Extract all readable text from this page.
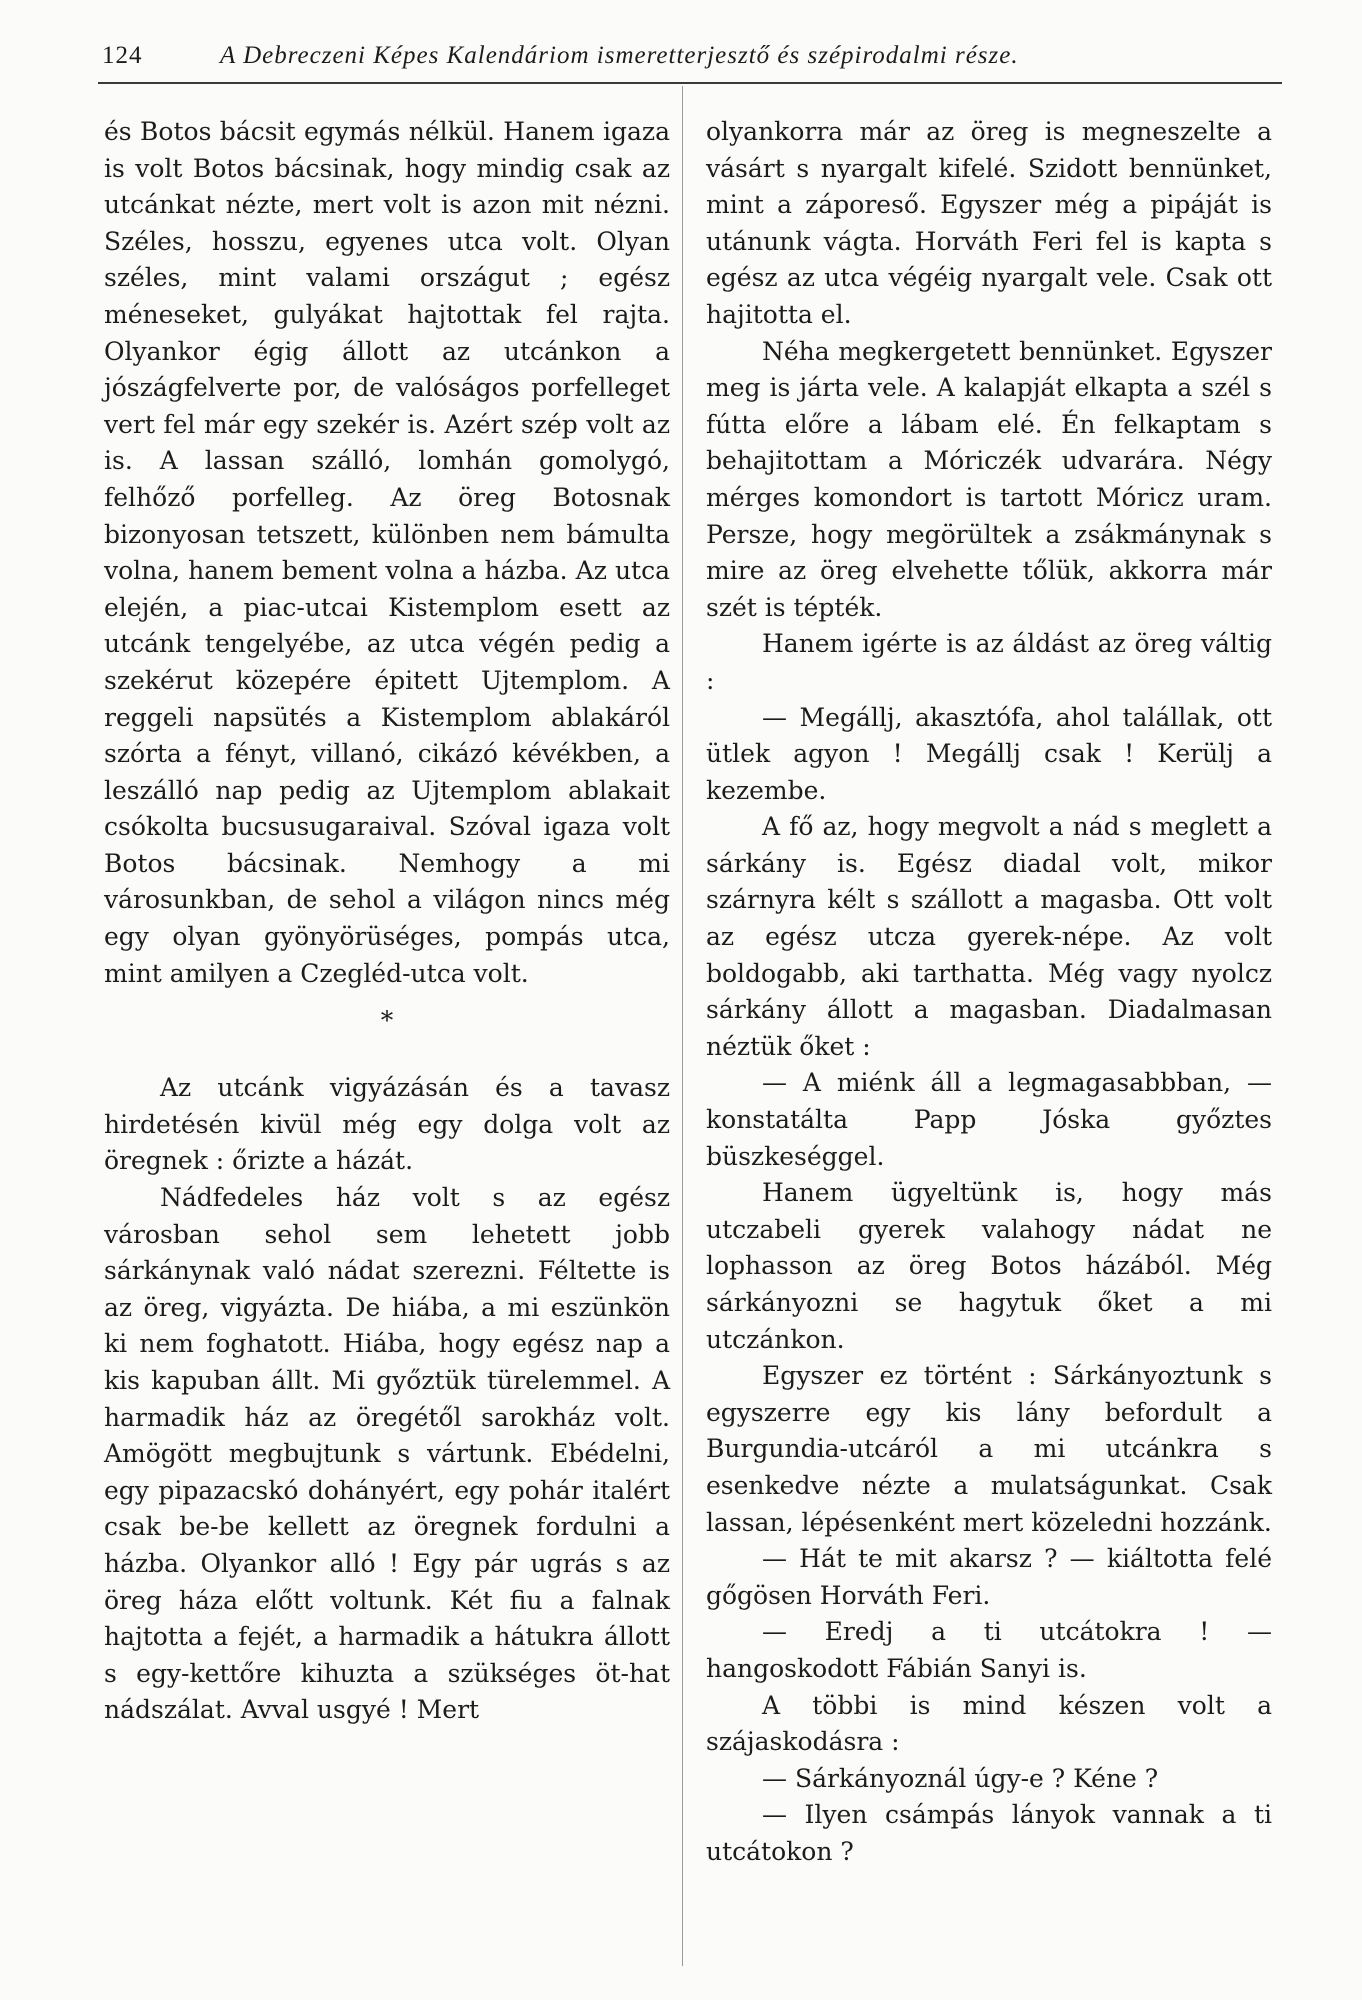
124	A Debreczeni Képes Kalendáriom ismeretterjesztő és szépirodalmi része.

és Botos bácsit egymás nélkül. Hanem igaza is volt Botos bácsinak, hogy mindig csak az utcánkat nézte, mert volt is azon mit nézni. Széles, hosszu, egyenes utca volt. Olyan széles, mint valami országut ; egész méneseket, gulyákat hajtottak fel rajta. Olyankor égig állott az utcánkon a jószágfelverte por, de valóságos porfelleget vert fel már egy szekér is. Azért szép volt az is. A lassan szálló, lomhán gomolygó, felhőző porfelleg. Az öreg Botosnak bizonyosan tetszett, különben nem bámulta volna, hanem bement volna a házba. Az utca elején, a piac-utcai Kistemplom esett az utcánk tengelyébe, az utca végén pedig a szekérut közepére épitett Ujtemplom. A reggeli napsütés a Kistemplom ablakáról szórta a fényt, villanó, cikázó kévékben, a leszálló nap pedig az Ujtemplom ablakait csókolta bucsusugaraival. Szóval igaza volt Botos bácsinak. Nemhogy a mi városunkban, de sehol a világon nincs még egy olyan gyönyörüséges, pompás utca, mint amilyen a Czegléd-utca volt.

*

Az utcánk vigyázásán és a tavasz hirdetésén kivül még egy dolga volt az öregnek : őrizte a házát.

Nádfedeles ház volt s az egész városban sehol sem lehetett jobb sárkánynak való nádat szerezni. Féltette is az öreg, vigyázta. De hiába, a mi eszünkön ki nem foghatott. Hiába, hogy egész nap a kis kapuban állt. Mi győztük türelemmel. A harmadik ház az öregétől sarokház volt. Amögött megbujtunk s vártunk. Ebédelni, egy pipazacskó dohányért, egy pohár italért csak be-be kellett az öregnek fordulni a házba. Olyankor alló ! Egy pár ugrás s az öreg háza előtt voltunk. Két fiu a falnak hajtotta a fejét, a harmadik a hátukra állott s egy-kettőre kihuzta a szükséges öt-hat nádszálat. Avval usgyé ! Mert

olyankorra már az öreg is megneszelte a vásárt s nyargalt kifelé. Szidott bennünket, mint a záporeső. Egyszer még a pipáját is utánunk vágta. Horváth Feri fel is kapta s egész az utca végéig nyargalt vele. Csak ott hajitotta el.

Néha megkergetett bennünket. Egyszer meg is járta vele. A kalapját elkapta a szél s fútta előre a lábam elé. Én felkaptam s behajitottam a Móriczék udvarára. Négy mérges komondort is tartott Móricz uram. Persze, hogy megörültek a zsákmánynak s mire az öreg elvehette tőlük, akkorra már szét is tépték.

Hanem igérte is az áldást az öreg váltig :

— Megállj, akasztófa, ahol talállak, ott ütlek agyon ! Megállj csak ! Kerülj a kezembe.

A fő az, hogy megvolt a nád s meglett a sárkány is. Egész diadal volt, mikor szárnyra kélt s szállott a magasba. Ott volt az egész utcza gyerek-népe. Az volt boldogabb, aki tarthatta. Még vagy nyolcz sárkány állott a magasban. Diadalmasan néztük őket :

— A miénk áll a legmagasabbban, — konstatálta Papp Jóska győztes büszkeséggel.

Hanem ügyeltünk is, hogy más utczabeli gyerek valahogy nádat ne lophasson az öreg Botos házából. Még sárkányozni se hagytuk őket a mi utczánkon.

Egyszer ez történt : Sárkányoztunk s egyszerre egy kis lány befordult a Burgundia-utcáról a mi utcánkra s esenkedve nézte a mulatságunkat. Csak lassan, lépésenként mert közeledni hozzánk.

— Hát te mit akarsz ? — kiáltotta felé gőgösen Horváth Feri.

— Eredj a ti utcátokra ! — hangoskodott Fábián Sanyi is.

A többi is mind készen volt a szájaskodásra :

— Sárkányoznál úgy-e ? Kéne ?

— Ilyen csámpás lányok vannak a ti utcátokon ?
